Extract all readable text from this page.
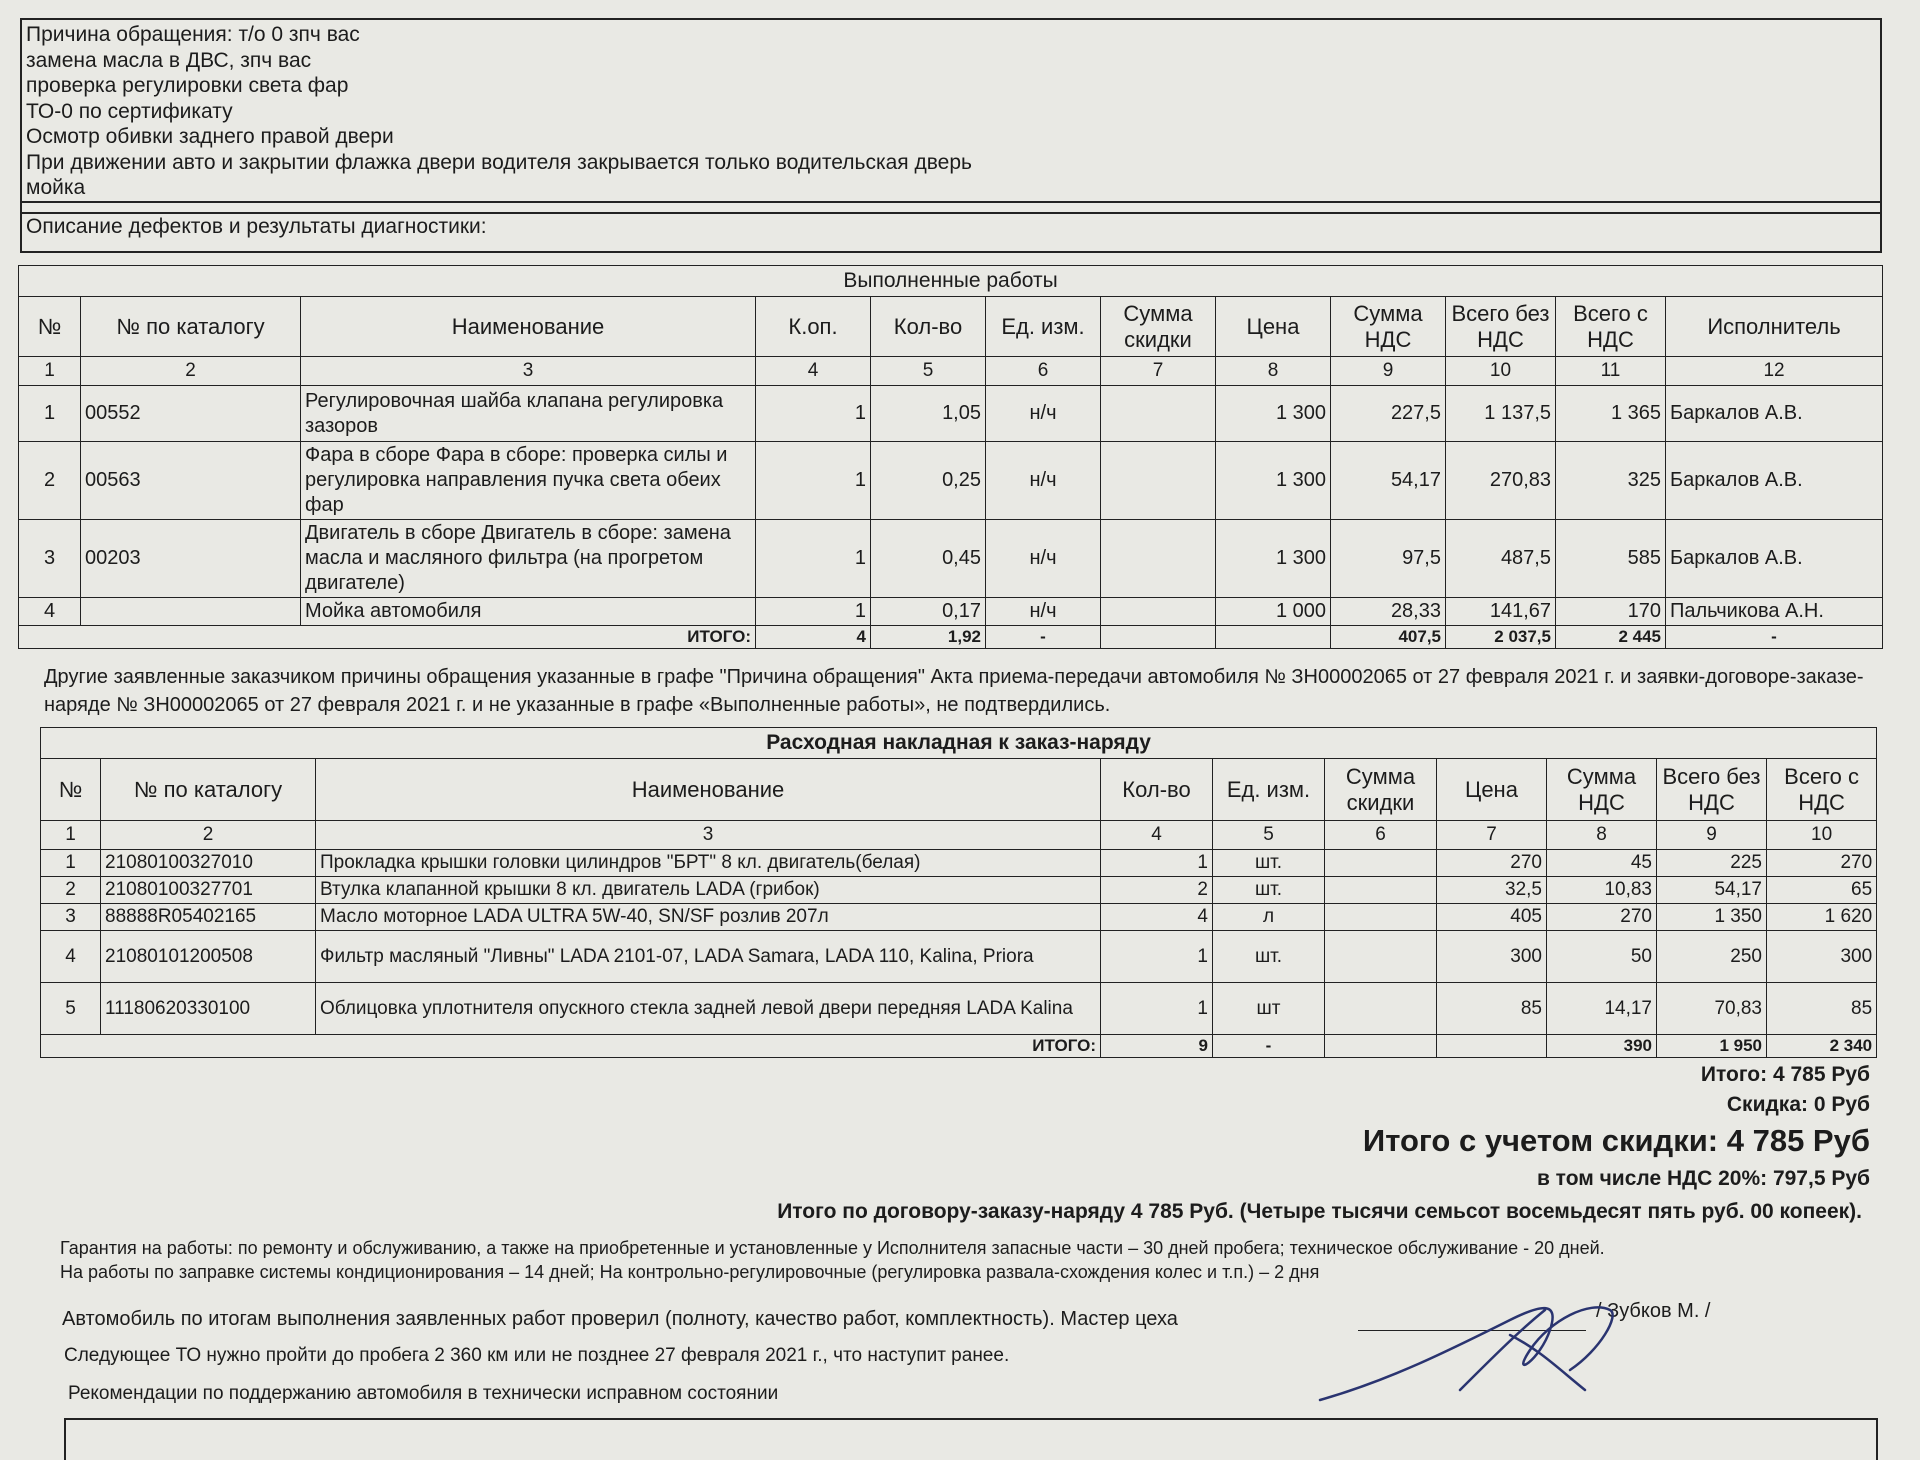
Причина обращения: т/о 0 зпч вас
замена масла в ДВС, зпч вас
проверка регулировки света фар
ТО-0 по сертификату
Осмотр обивки заднего правой двери
При движении авто и закрытии флажка двери водителя закрывается только водительская дверь
мойка
Описание дефектов и результаты диагностики:
Выполненные работы											
№	№ по каталогу	Наименование	К.оп.	Кол-во	Ед. изм.	Сумма скидки	Цена	Сумма НДС	Всего без НДС	Всего с НДС	Исполнитель
1	2	3	4	5	6	7	8	9	10	11	12
1	00552	Регулировочная шайба клапана регулировка зазоров	1	1,05	н/ч		1 300	227,5	1 137,5	1 365	Баркалов А.В.
2	00563	Фара в сборе Фара в сборе: проверка силы и регулировка направления пучка света обеих фар	1	0,25	н/ч		1 300	54,17	270,83	325	Баркалов А.В.
3	00203	Двигатель в сборе Двигатель в сборе: замена масла и масляного фильтра (на прогретом двигателе)	1	0,45	н/ч		1 300	97,5	487,5	585	Баркалов А.В.
4		Мойка автомобиля	1	0,17	н/ч		1 000	28,33	141,67	170	Пальчикова А.Н.
ИТОГО:			4	1,92	-			407,5	2 037,5	2 445	-
Другие заявленные заказчиком причины обращения указанные в графе "Причина обращения" Акта приема-передачи автомобиля № ЗН00002065 от 27 февраля 2021 г. и заявки-договоре-заказе-наряде № ЗН00002065 от 27 февраля 2021 г. и не указанные в графе «Выполненные работы», не подтвердились.
Расходная накладная к заказ-наряду									
№	№ по каталогу	Наименование	Кол-во	Ед. изм.	Сумма скидки	Цена	Сумма НДС	Всего без НДС	Всего с НДС
1	2	3	4	5	6	7	8	9	10
1	21080100327010	Прокладка крышки головки цилиндров "БРТ" 8 кл. двигатель(белая)	1	шт.		270	45	225	270
2	21080100327701	Втулка клапанной крышки 8 кл. двигатель LADA (грибок)	2	шт.		32,5	10,83	54,17	65
3	88888R05402165	Масло моторное LADA ULTRA 5W-40, SN/SF розлив 207л	4	л		405	270	1 350	1 620
4	21080101200508	Фильтр масляный "Ливны" LADA 2101-07, LADA Samara, LADA 110, Kalina, Priora	1	шт.		300	50	250	300
5	11180620330100	Облицовка уплотнителя опускного стекла задней левой двери передняя LADA Kalina	1	шт		85	14,17	70,83	85
ИТОГО:			9	-			390	1 950	2 340
Итого: 4 785 Руб
Скидка: 0 Руб
Итого с учетом скидки: 4 785 Руб
в том числе НДС 20%: 797,5 Руб
Итого по договору-заказу-наряду 4 785 Руб. (Четыре тысячи семьсот восемьдесят пять руб. 00 копеек).
Гарантия на работы: по ремонту и обслуживанию, а также на приобретенные и установленные у Исполнителя запасные части – 30 дней пробега; техническое обслуживание - 20 дней.
На работы по заправке системы кондиционирования – 14 дней; На контрольно-регулировочные (регулировка развала-схождения колес и т.п.) – 2 дня
Автомобиль по итогам выполнения заявленных работ проверил (полноту, качество работ, комплектность). Мастер цеха	/ Зубков М. /
Следующее ТО нужно пройти до пробега 2 360 км или не позднее 27 февраля 2021 г., что наступит ранее.
Рекомендации по поддержанию автомобиля в технически исправном состоянии
